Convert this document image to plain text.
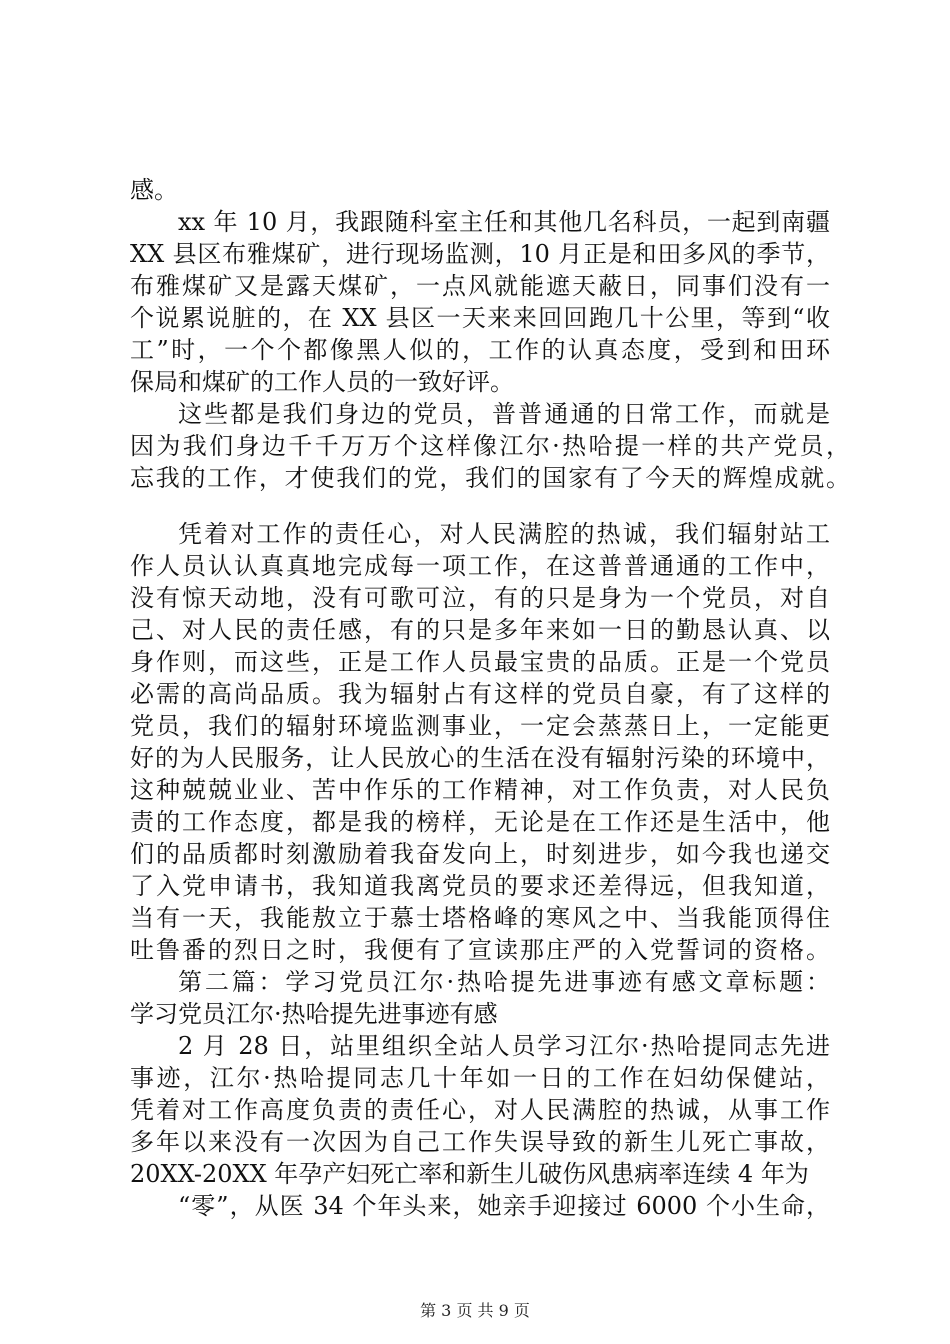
感。
xx 年 10 月，我跟随科室主任和其他几名科员，一起到南疆
XX 县区布雅煤矿，进行现场监测，10 月正是和田多风的季节，
布雅煤矿又是露天煤矿，一点风就能遮天蔽日，同事们没有一
个说累说脏的，在 XX 县区一天来来回回跑几十公里，等到“收
工”时，一个个都像黑人似的，工作的认真态度，受到和田环
保局和煤矿的工作人员的一致好评。
这些都是我们身边的党员，普普通通的日常工作，而就是
因为我们身边千千万万个这样像江尔·热哈提一样的共产党员，
忘我的工作，才使我们的党，我们的国家有了今天的辉煌成就。
凭着对工作的责任心，对人民满腔的热诚，我们辐射站工
作人员认认真真地完成每一项工作，在这普普通通的工作中，
没有惊天动地，没有可歌可泣，有的只是身为一个党员，对自
己、对人民的责任感，有的只是多年来如一日的勤恳认真、以
身作则，而这些，正是工作人员最宝贵的品质。正是一个党员
必需的高尚品质。我为辐射占有这样的党员自豪，有了这样的
党员，我们的辐射环境监测事业，一定会蒸蒸日上，一定能更
好的为人民服务，让人民放心的生活在没有辐射污染的环境中，
这种兢兢业业、苦中作乐的工作精神，对工作负责，对人民负
责的工作态度，都是我的榜样，无论是在工作还是生活中，他
们的品质都时刻激励着我奋发向上，时刻进步，如今我也递交
了入党申请书，我知道我离党员的要求还差得远，但我知道，
当有一天，我能敖立于慕士塔格峰的寒风之中、当我能顶得住
吐鲁番的烈日之时，我便有了宣读那庄严的入党誓词的资格。
第二篇：学习党员江尔·热哈提先进事迹有感文章标题：
学习党员江尔·热哈提先进事迹有感
2 月 28 日，站里组织全站人员学习江尔·热哈提同志先进
事迹，江尔·热哈提同志几十年如一日的工作在妇幼保健站，
凭着对工作高度负责的责任心，对人民满腔的热诚，从事工作
多年以来没有一次因为自己工作失误导致的新生儿死亡事故，
20XX-20XX 年孕产妇死亡率和新生儿破伤风患病率连续 4 年为
“零”，从医 34 个年头来，她亲手迎接过 6000 个小生命，
第 3 页 共 9 页
